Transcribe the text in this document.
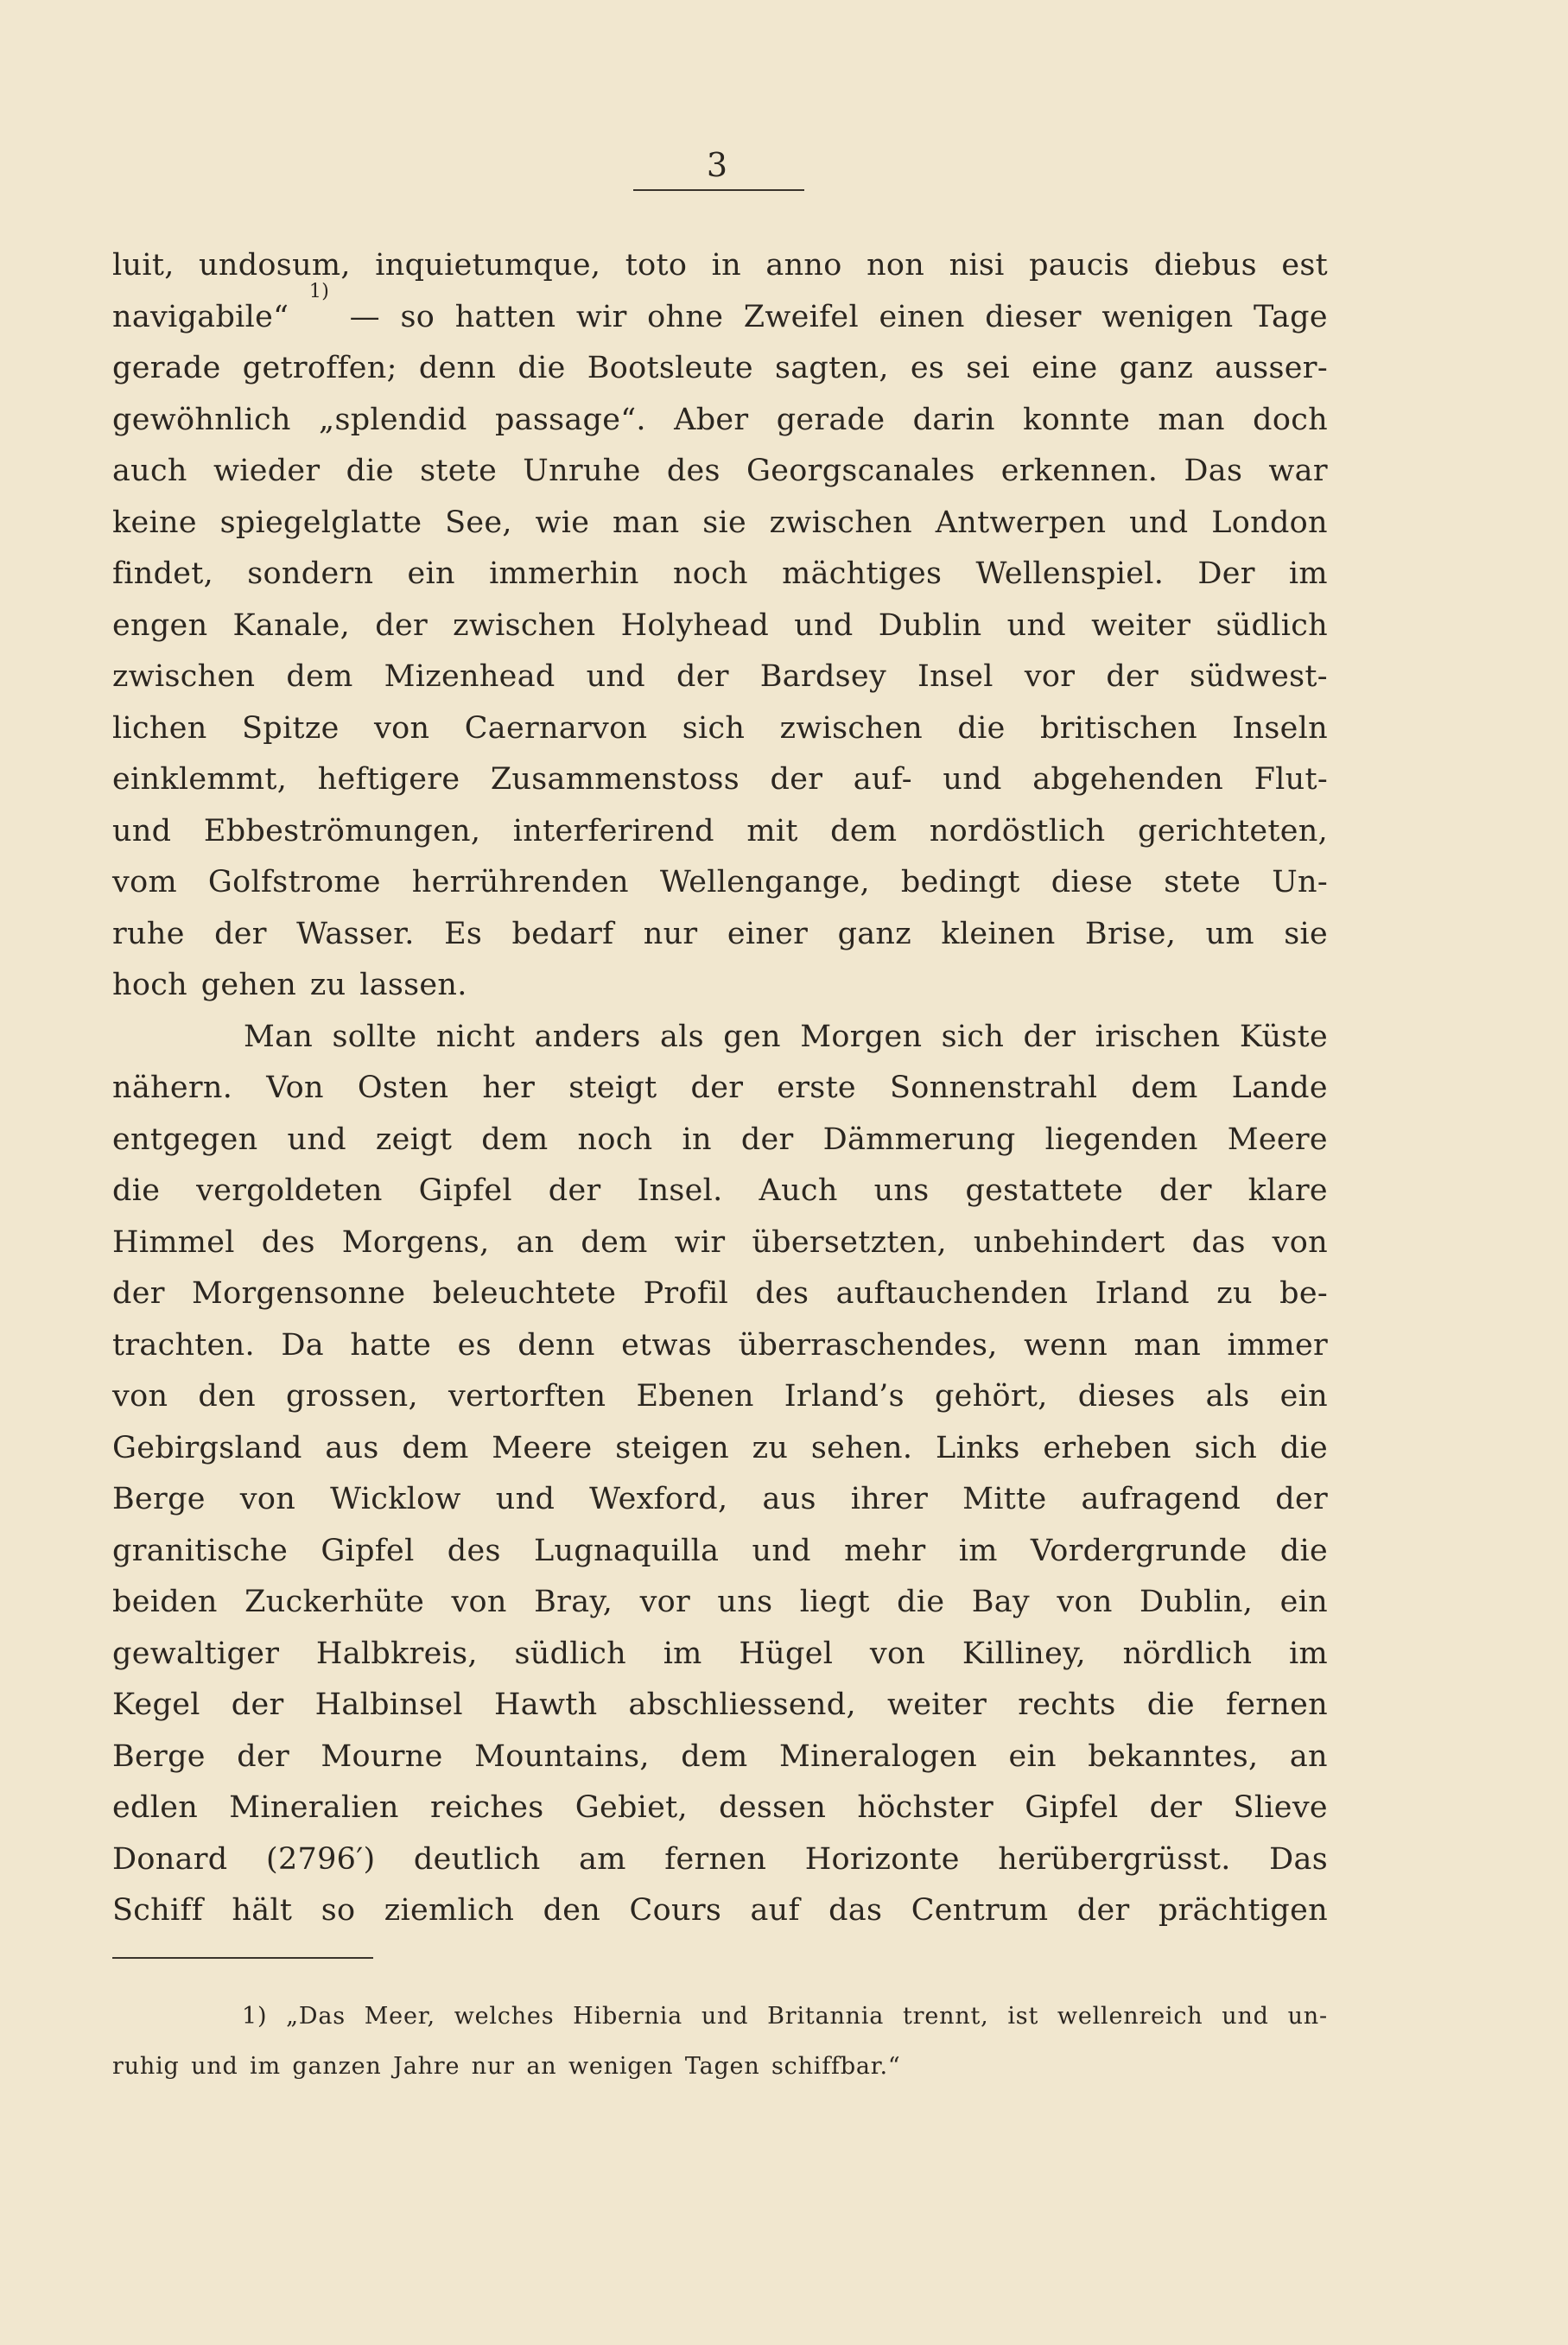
3
luit, undosum, inquietumque, toto in anno non nisi paucis diebus est
navigabile“
1)
— so hatten wir ohne Zweifel einen dieser wenigen Tage
gerade getroffen; denn die Bootsleute sagten, es sei eine ganz ausser-
gewöhnlich „splendid passage“. Aber gerade darin konnte man doch
auch wieder die stete Unruhe des Georgscanales erkennen. Das war
keine spiegelglatte See, wie man sie zwischen Antwerpen und London
findet, sondern ein immerhin noch mächtiges Wellenspiel. Der im
engen Kanale, der zwischen Holyhead und Dublin und weiter südlich
zwischen dem Mizenhead und der Bardsey Insel vor der südwest-
lichen Spitze von Caernarvon sich zwischen die britischen Inseln
einklemmt, heftigere Zusammenstoss der auf- und abgehenden Flut-
und Ebbeströmungen, interferirend mit dem nordöstlich gerichteten,
vom Golfstrome herrührenden Wellengange, bedingt diese stete Un-
ruhe der Wasser. Es bedarf nur einer ganz kleinen Brise, um sie
hoch gehen zu lassen.
Man sollte nicht anders als gen Morgen sich der irischen Küste
nähern. Von Osten her steigt der erste Sonnenstrahl dem Lande
entgegen und zeigt dem noch in der Dämmerung liegenden Meere
die vergoldeten Gipfel der Insel. Auch uns gestattete der klare
Himmel des Morgens, an dem wir übersetzten, unbehindert das von
der Morgensonne beleuchtete Profil des auftauchenden Irland zu be-
trachten. Da hatte es denn etwas überraschendes, wenn man immer
von den grossen, vertorften Ebenen Irland’s gehört, dieses als ein
Gebirgsland aus dem Meere steigen zu sehen. Links erheben sich die
Berge von Wicklow und Wexford, aus ihrer Mitte aufragend der
granitische Gipfel des Lugnaquilla und mehr im Vordergrunde die
beiden Zuckerhüte von Bray, vor uns liegt die Bay von Dublin, ein
gewaltiger Halbkreis, südlich im Hügel von Killiney, nördlich im
Kegel der Halbinsel Hawth abschliessend, weiter rechts die fernen
Berge der Mourne Mountains, dem Mineralogen ein bekanntes, an
edlen Mineralien reiches Gebiet, dessen höchster Gipfel der Slieve
Donard (2796′) deutlich am fernen Horizonte herübergrüsst. Das
Schiff hält so ziemlich den Cours auf das Centrum der prächtigen
1) „Das Meer, welches Hibernia und Britannia trennt, ist wellenreich und un-
ruhig und im ganzen Jahre nur an wenigen Tagen schiffbar.“
